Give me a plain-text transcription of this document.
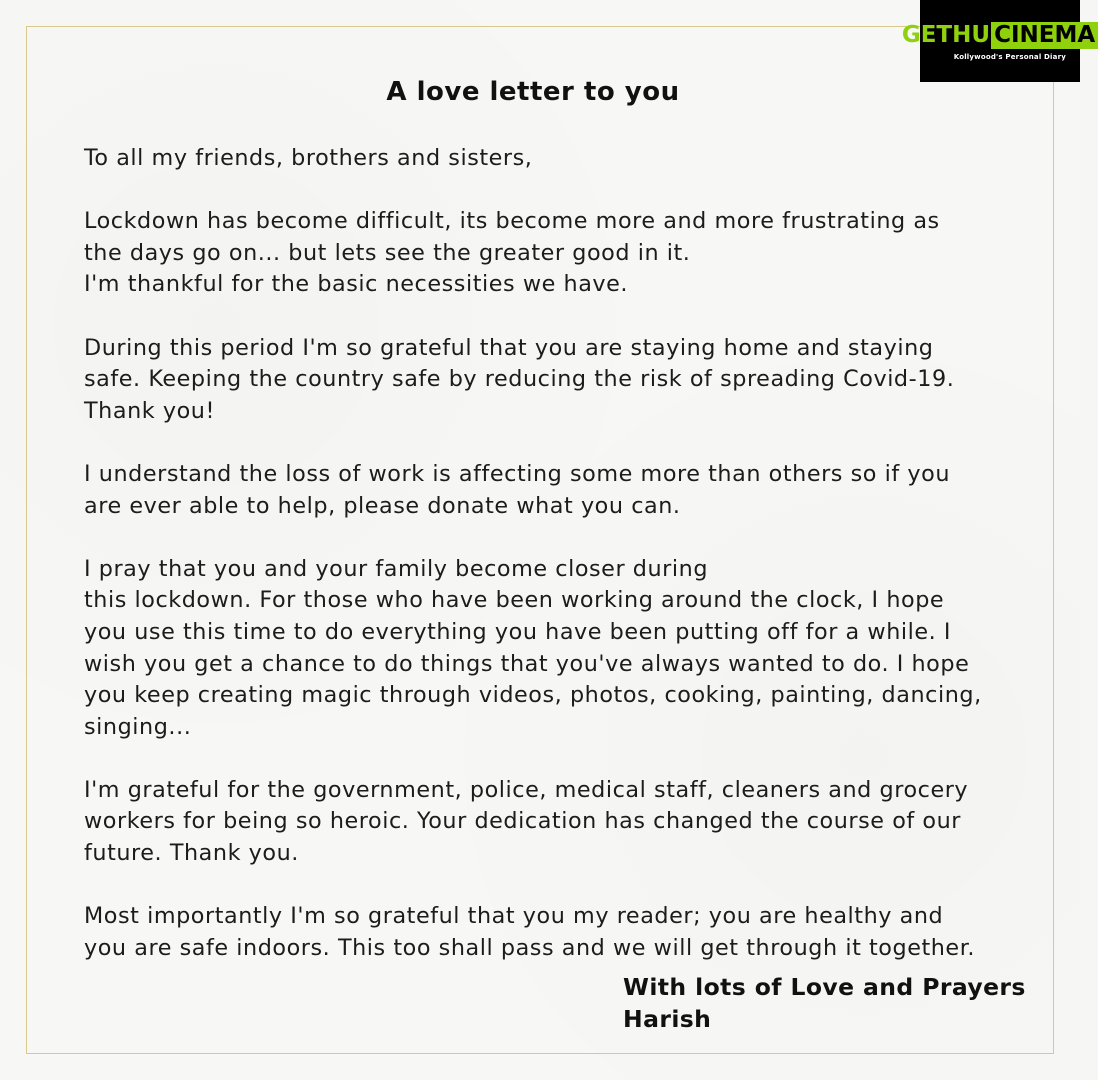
A love letter to you
To all my friends, brothers and sisters,
Lockdown has become difficult, its become more and more frustrating as
the days go on... but lets see the greater good in it.
I'm thankful for the basic necessities we have.
During this period I'm so grateful that you are staying home and staying
safe. Keeping the country safe by reducing the risk of spreading Covid-19.
Thank you!
I understand the loss of work is affecting some more than others so if you
are ever able to help, please donate what you can.
I pray that you and your family become closer during
this lockdown. For those who have been working around the clock, I hope
you use this time to do everything you have been putting off for a while. I
wish you get a chance to do things that you've always wanted to do. I hope
you keep creating magic through videos, photos, cooking, painting, dancing,
singing...
I'm grateful for the government, police, medical staff, cleaners and grocery
workers for being so heroic. Your dedication has changed the course of our
future. Thank you.
Most importantly I'm so grateful that you my reader; you are healthy and
you are safe indoors. This too shall pass and we will get through it together.
With lots of Love and Prayers
Harish
GETHU CINEMA
Kollywood's Personal Diary
